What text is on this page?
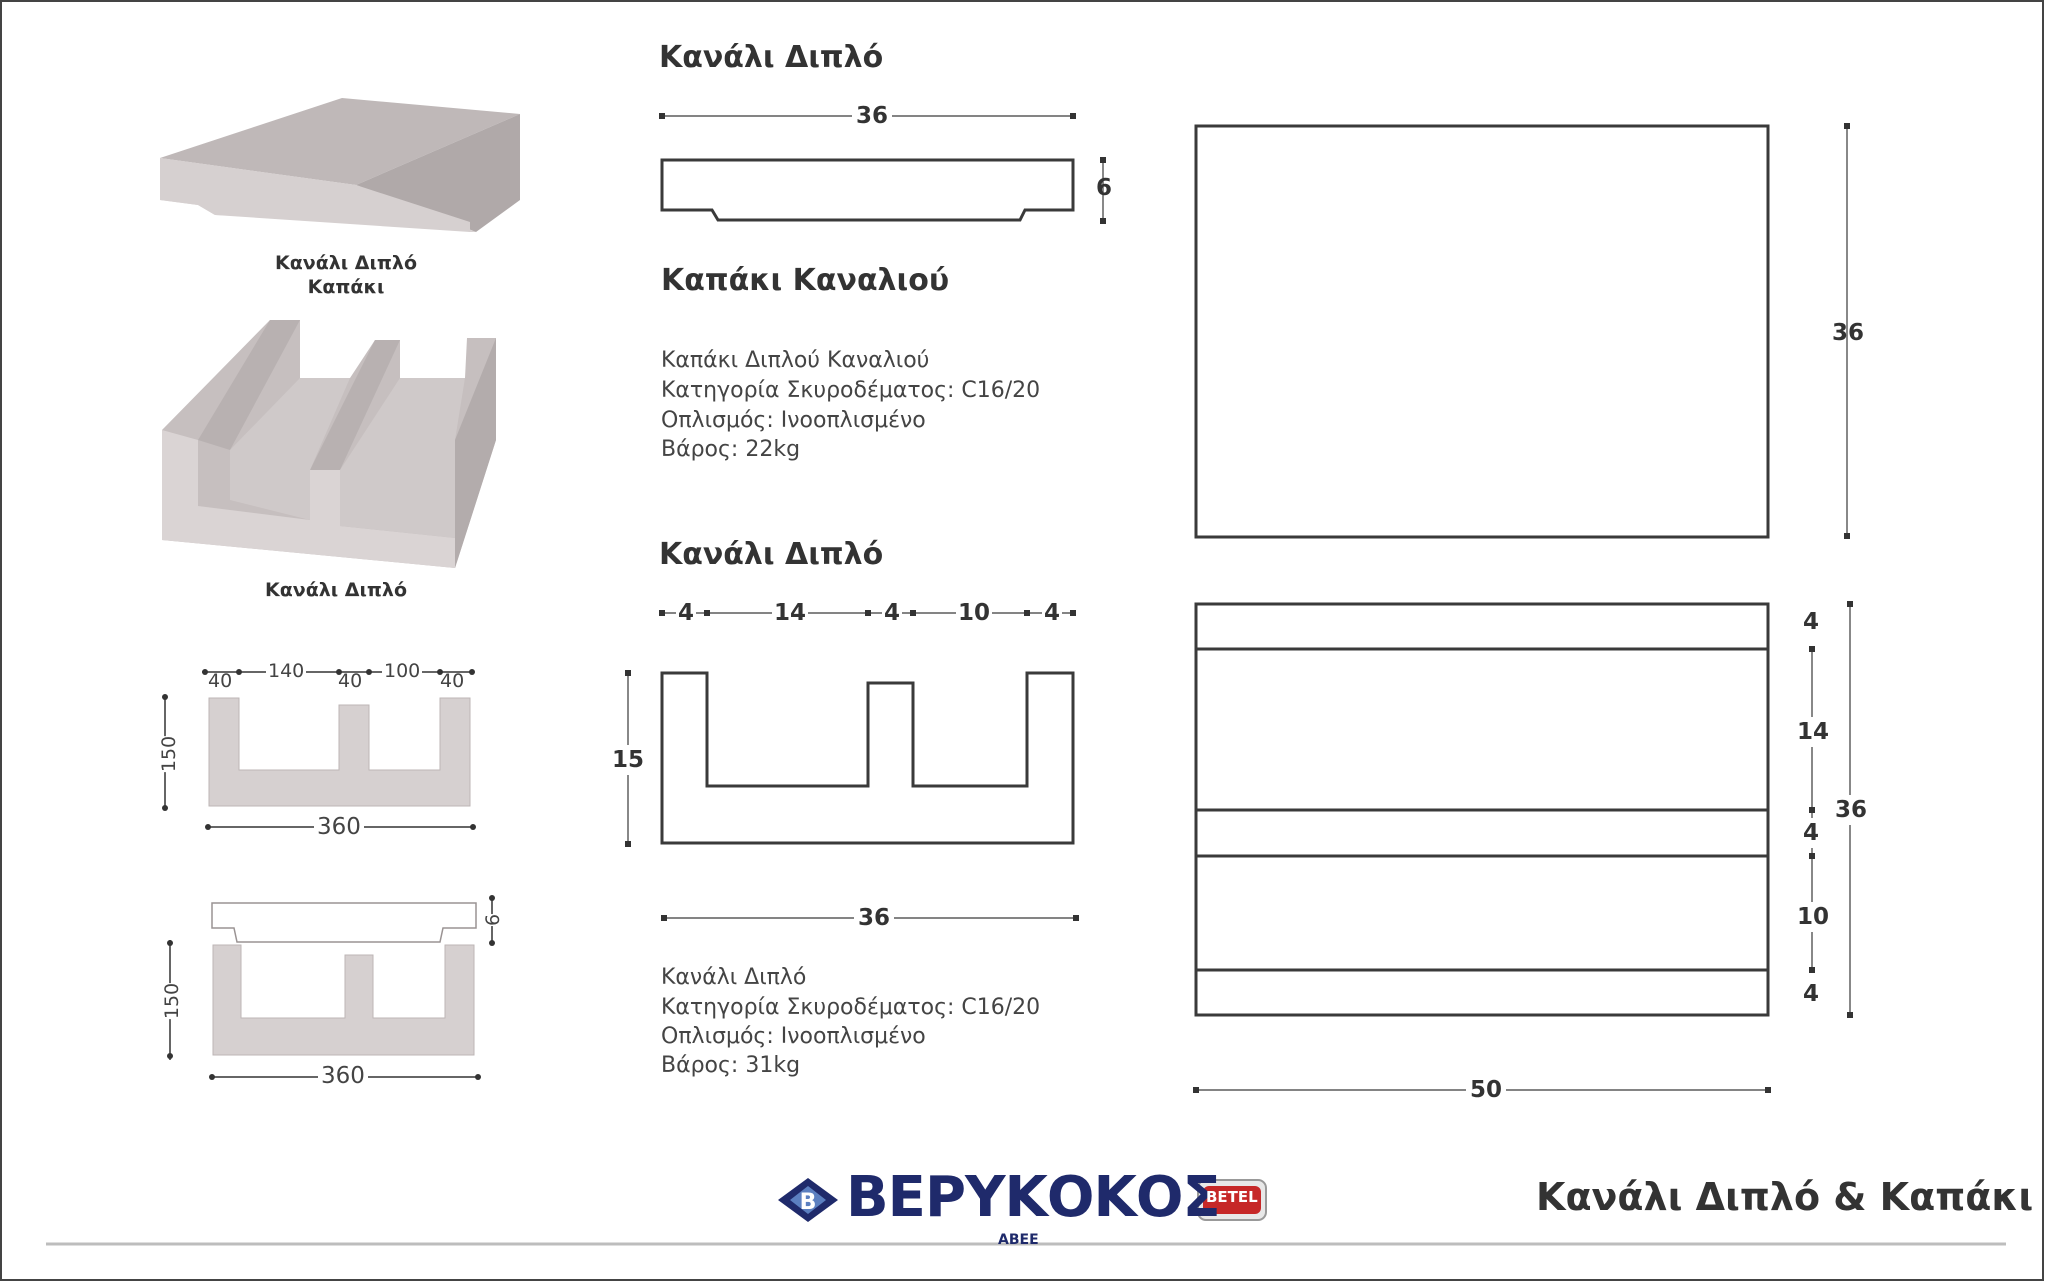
B
Κανάλι Διπλό
36
6
Καπάκι Καναλιού
Καπάκι Διπλού Καναλιού
Κατηγορία Σκυροδέματος: C16/20
Οπλισμός: Ινοοπλισμένο
Βάρος: 22kg
Κανάλι Διπλό
4	14	4	10 4
15
36
Κανάλι Διπλό
Κατηγορία Σκυροδέματος: C16/20
Οπλισμός: Ινοοπλισμένο
Βάρος: 31kg
36
4
14
4
10
4
36
50
Κανάλι Διπλό
Καπάκι
Κανάλι Διπλό
40 140 40 100 40
150
360
6
150
360
ΒΕΡΥΚΟΚΟΣ
ΑΒΕΕ
BETEL	Κανάλι Διπλό & Καπάκι
